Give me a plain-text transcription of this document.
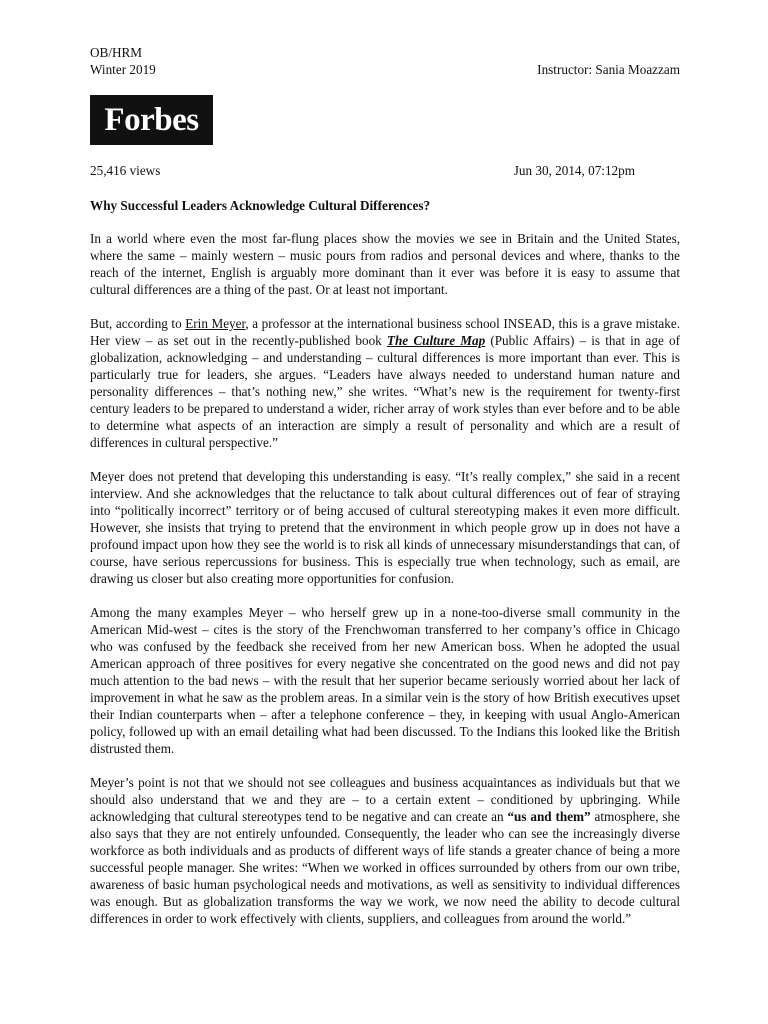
OB/HRM
Winter 2019	Instructor: Sania Moazzam
Forbes
25,416 views	Jun 30, 2014, 07:12pm
Why Successful Leaders Acknowledge Cultural Differences?

In a world where even the most far-flung places show the movies we see in Britain and the United States, where the same – mainly western – music pours from radios and personal devices and where, thanks to the reach of the internet, English is arguably more dominant than it ever was before it is easy to assume that cultural differences are a thing of the past. Or at least not important.

But, according to Erin Meyer, a professor at the international business school INSEAD, this is a grave mistake. Her view – as set out in the recently-published book The Culture Map (Public Affairs) – is that in age of globalization, acknowledging – and understanding – cultural differences is more important than ever. This is particularly true for leaders, she argues. “Leaders have always needed to understand human nature and personality differences – that’s nothing new,” she writes. “What’s new is the requirement for twenty-first century leaders to be prepared to understand a wider, richer array of work styles than ever before and to be able to determine what aspects of an interaction are simply a result of personality and which are a result of differences in cultural perspective.”

Meyer does not pretend that developing this understanding is easy. “It’s really complex,” she said in a recent interview. And she acknowledges that the reluctance to talk about cultural differences out of fear of straying into “politically incorrect” territory or of being accused of cultural stereotyping makes it even more difficult. However, she insists that trying to pretend that the environment in which people grow up in does not have a profound impact upon how they see the world is to risk all kinds of unnecessary misunderstandings that can, of course, have serious repercussions for business. This is especially true when technology, such as email, are drawing us closer but also creating more opportunities for confusion.

Among the many examples Meyer – who herself grew up in a none-too-diverse small community in the American Mid-west – cites is the story of the Frenchwoman transferred to her company’s office in Chicago who was confused by the feedback she received from her new American boss. When he adopted the usual American approach of three positives for every negative she concentrated on the good news and did not pay much attention to the bad news – with the result that her superior became seriously worried about her lack of improvement in what he saw as the problem areas. In a similar vein is the story of how British executives upset their Indian counterparts when – after a telephone conference – they, in keeping with usual Anglo-American policy, followed up with an email detailing what had been discussed. To the Indians this looked like the British distrusted them.

Meyer’s point is not that we should not see colleagues and business acquaintances as individuals but that we should also understand that we and they are – to a certain extent – conditioned by upbringing. While acknowledging that cultural stereotypes tend to be negative and can create an “us and them” atmosphere, she also says that they are not entirely unfounded. Consequently, the leader who can see the increasingly diverse workforce as both individuals and as products of different ways of life stands a greater chance of being a more successful people manager. She writes: “When we worked in offices surrounded by others from our own tribe, awareness of basic human psychological needs and motivations, as well as sensitivity to individual differences was enough. But as globalization transforms the way we work, we now need the ability to decode cultural differences in order to work effectively with clients, suppliers, and colleagues from around the world.”
